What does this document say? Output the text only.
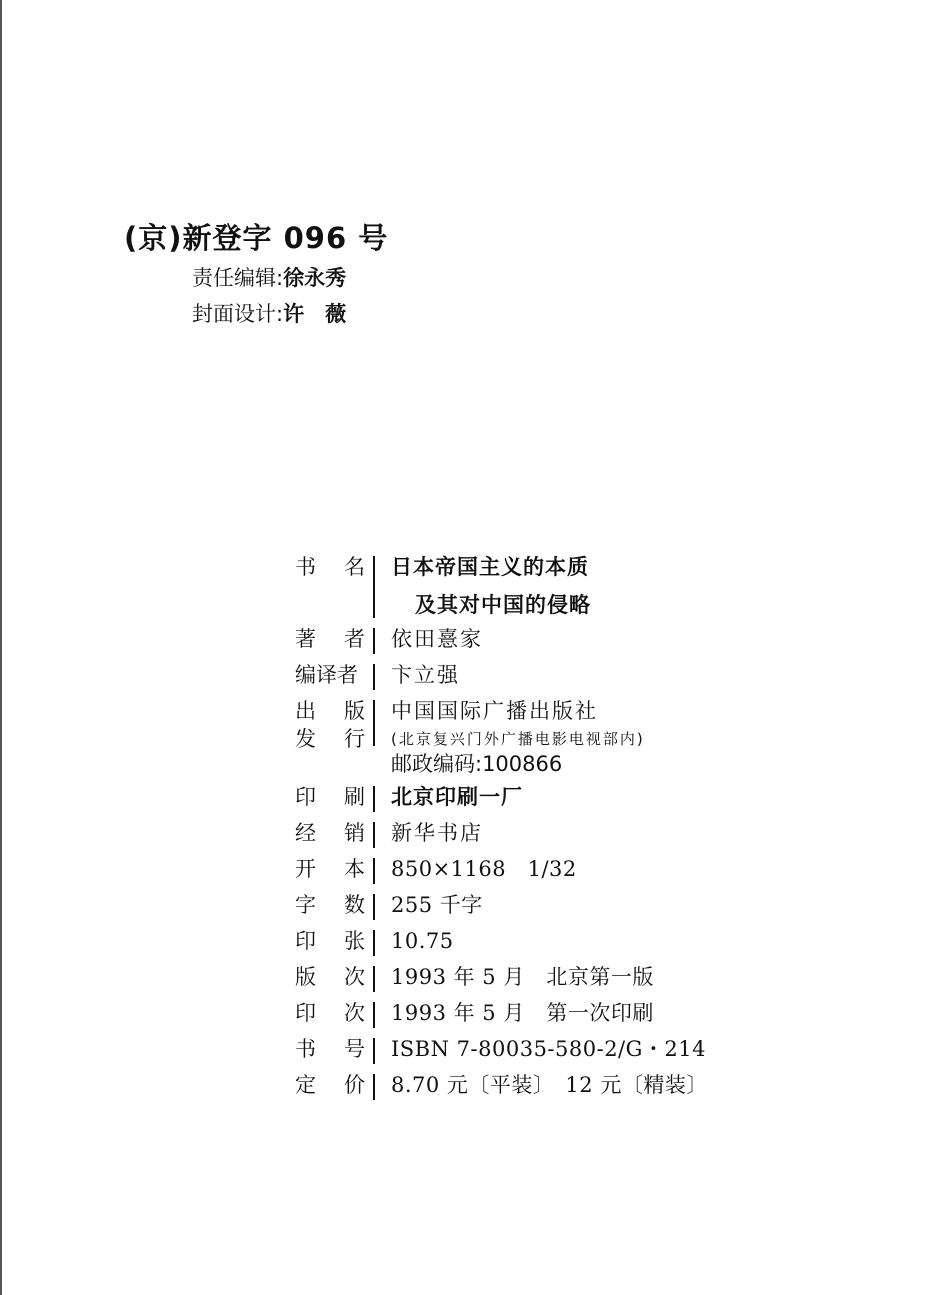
(京)新登字 096 号
责任编辑:徐永秀
封面设计:许　薇
书 名 日本帝国主义的本质
及其对中国的侵略
著 者 依田憙家
编译者	卞立强
出 版
发 行
中国国际广播出版社
(北京复兴门外广播电影电视部内)
邮政编码:100866
印 刷 北京印刷一厂
经 销 新华书店
开 本 850×1168　1/32
字 数 255 千字
印 张 10.75
版 次 1993 年 5 月　北京第一版
印 次 1993 年 5 月　第一次印刷
书 号 ISBN 7-80035-580-2/G・214
定 价 8.70 元〔平装〕　12 元〔精装〕
